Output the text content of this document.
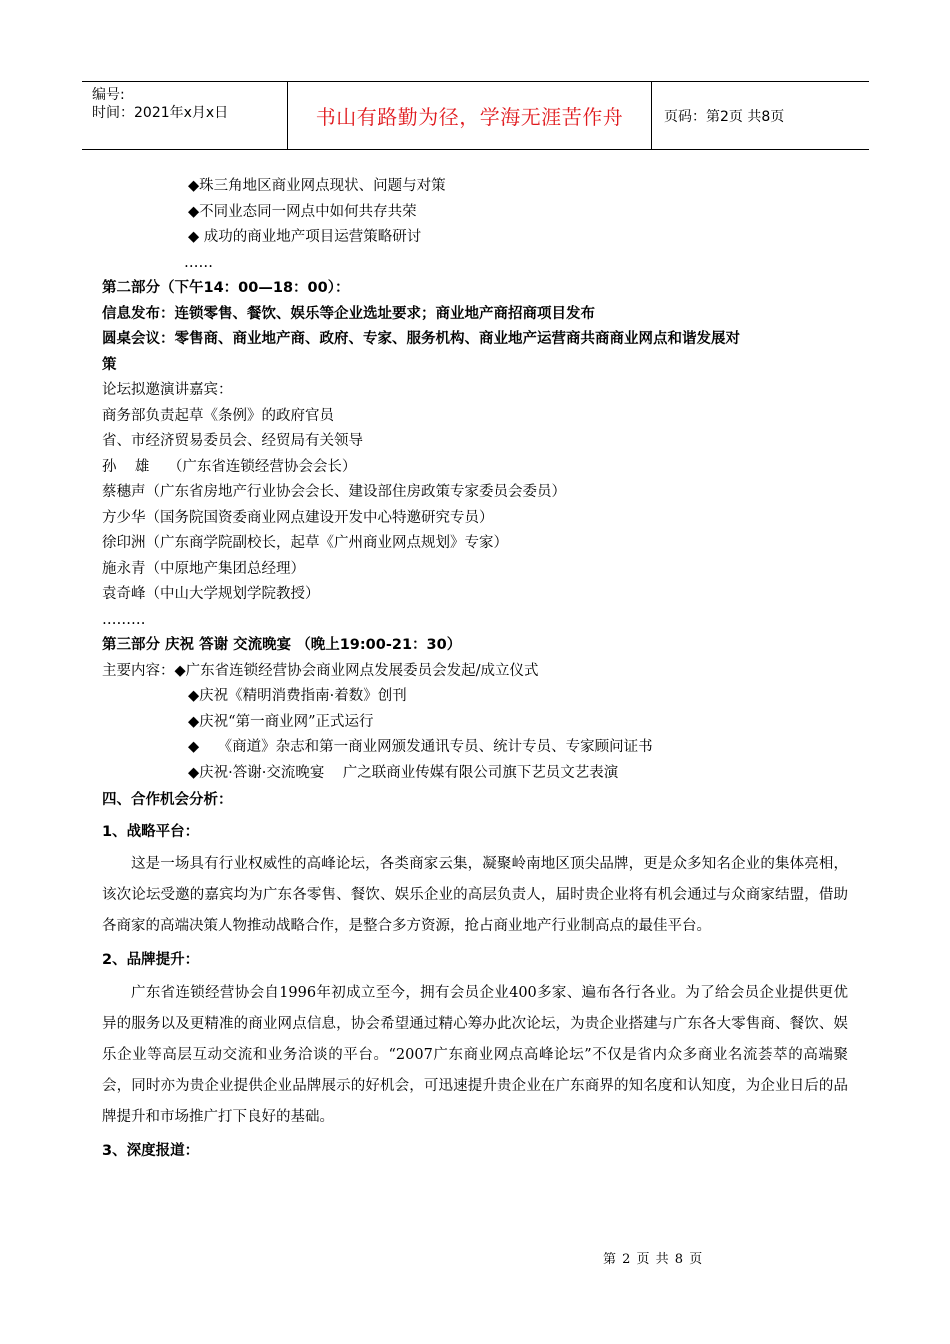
编号:
时间：2021年x月x日	书山有路勤为径，学海无涯苦作舟	页码：第2页 共8页
◆珠三角地区商业网点现状、问题与对策
◆不同业态同一网点中如何共存共荣
◆ 成功的商业地产项目运营策略研讨
……
第二部分（下午14：00—18：00）：
信息发布：连锁零售、餐饮、娱乐等企业选址要求；商业地产商招商项目发布
圆桌会议：零售商、商业地产商、政府、专家、服务机构、商业地产运营商共商商业网点和谐发展对
策
论坛拟邀演讲嘉宾：
商务部负责起草《条例》的政府官员
省、市经济贸易委员会、经贸局有关领导
孙    雄    （广东省连锁经营协会会长）
蔡穗声（广东省房地产行业协会会长、建设部住房政策专家委员会委员）
方少华（国务院国资委商业网点建设开发中心特邀研究专员）
徐印洲（广东商学院副校长，起草《广州商业网点规划》专家）
施永青（中原地产集团总经理）
袁奇峰（中山大学规划学院教授）
………
第三部分 庆祝 答谢 交流晚宴 （晚上19:00-21：30）
主要内容：◆广东省连锁经营协会商业网点发展委员会发起/成立仪式
◆庆祝《精明消费指南·着数》创刊
◆庆祝“第一商业网”正式运行
◆    《商道》杂志和第一商业网颁发通讯专员、统计专员、专家顾问证书
◆庆祝·答谢·交流晚宴    广之联商业传媒有限公司旗下艺员文艺表演
四、合作机会分析：
1、战略平台：
这是一场具有行业权威性的高峰论坛，各类商家云集，凝聚岭南地区顶尖品牌，更是众多知名企业的集体亮相，该次论坛受邀的嘉宾均为广东各零售、餐饮、娱乐企业的高层负责人，届时贵企业将有机会通过与众商家结盟，借助各商家的高端决策人物推动战略合作，是整合多方资源，抢占商业地产行业制高点的最佳平台。
2、品牌提升：
广东省连锁经营协会自1996年初成立至今，拥有会员企业400多家、遍布各行各业。为了给会员企业提供更优异的服务以及更精准的商业网点信息，协会希望通过精心筹办此次论坛，为贵企业搭建与广东各大零售商、餐饮、娱乐企业等高层互动交流和业务洽谈的平台。“2007广东商业网点高峰论坛”不仅是省内众多商业名流荟萃的高端聚会，同时亦为贵企业提供企业品牌展示的好机会，可迅速提升贵企业在广东商界的知名度和认知度，为企业日后的品牌提升和市场推广打下良好的基础。
3、深度报道：
第 2 页 共 8 页
